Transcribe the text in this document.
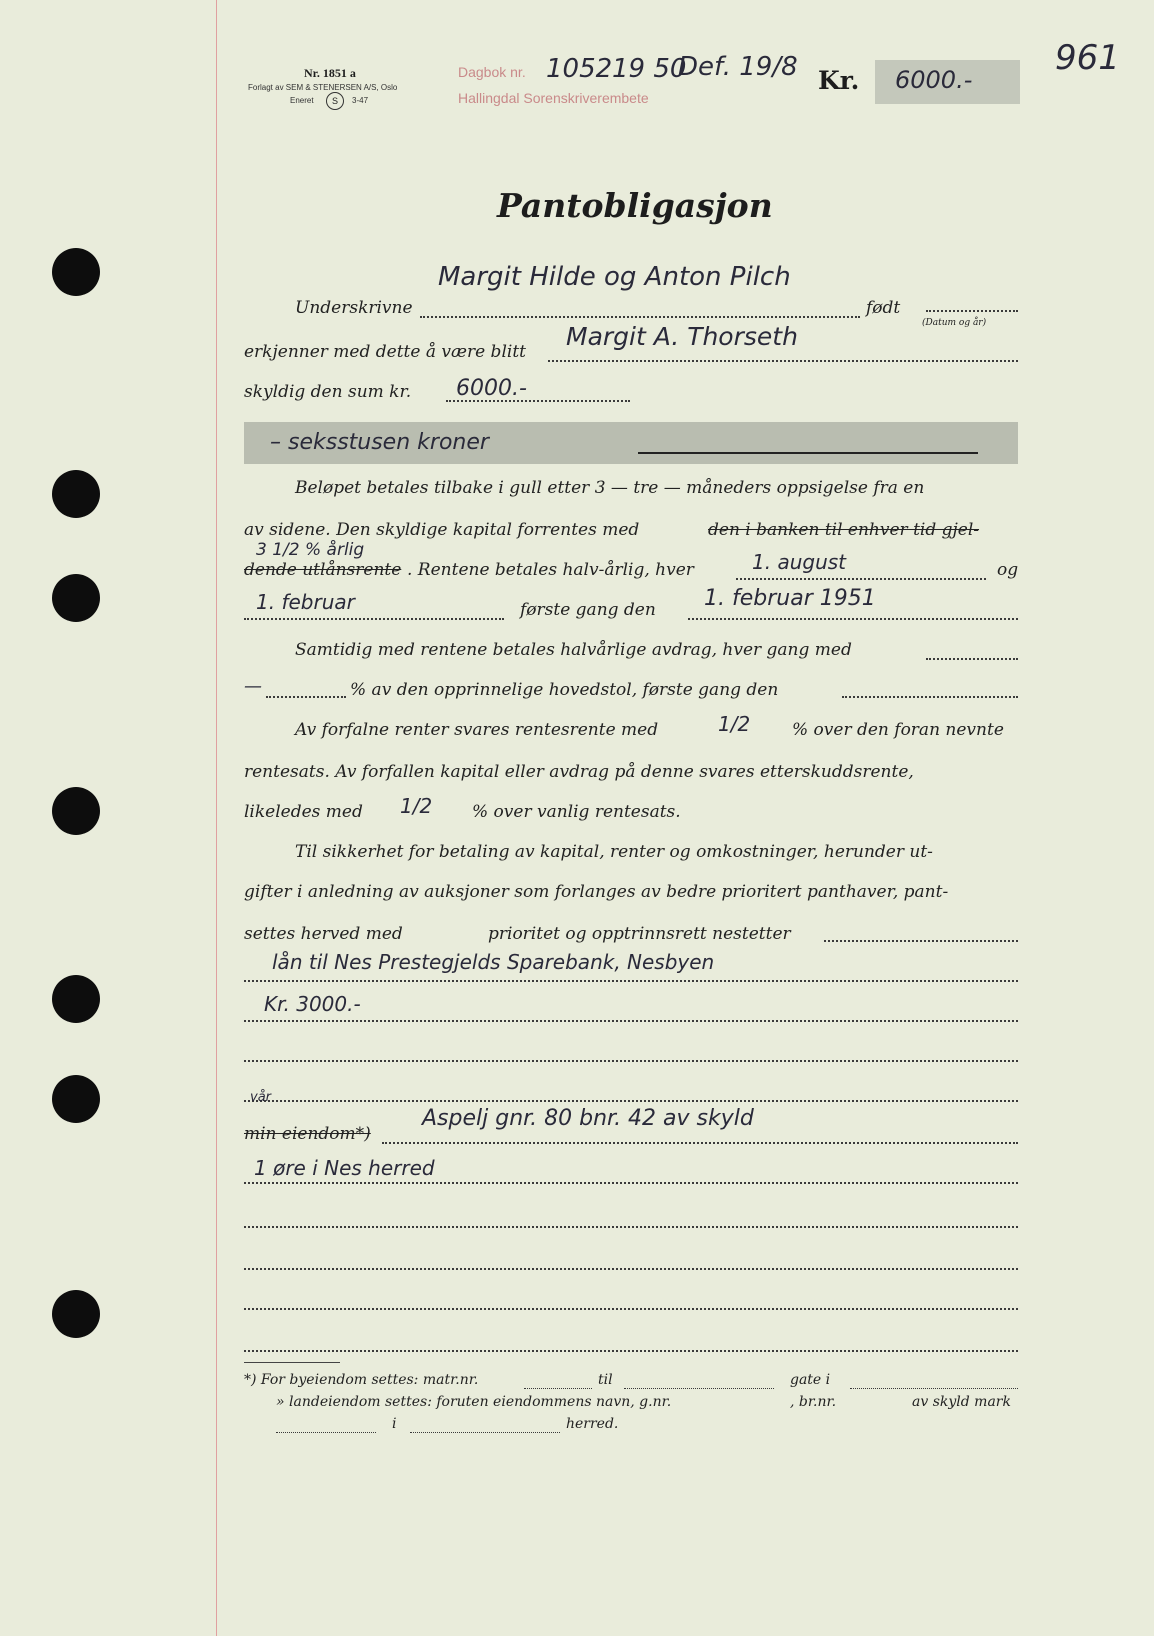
Nr. 1851 a
Forlagt av SEM & STENERSEN A/S, Oslo
Eneret	S	3-47
Dagbok nr. 1052 19 50
Def. 19/8
Hallingdal Sorenskriverembete
Kr. 6000.-
961
Pantobligasjon
Underskrivne
Margit Hilde og Anton Pilch
født
(Datum og år)
erkjenner med dette å være blitt
Margit A. Thorseth
skyldig den sum kr. 6000.-
– seksstusen kroner
Beløpet betales tilbake i gull etter 3 — tre — måneders oppsigelse fra en
av sidene. Den skyldige kapital forrentes med	den i banken til enhver tid gjel-
3 1/2 % årlig
dende utlånsrente . Rentene betales halv-årlig, hver	1. august	og
1. februar	første gang den 1. februar 1951
Samtidig med rentene betales halvårlige avdrag, hver gang med
—	% av den opprinnelige hovedstol, første gang den
Av forfalne renter svares rentesrente med	1/2 % over den foran nevnte
rentesats. Av forfallen kapital eller avdrag på denne svares etterskuddsrente,
likeledes med 1/2 % over vanlig rentesats.
Til sikkerhet for betaling av kapital, renter og omkostninger, herunder ut-
gifter i anledning av auksjoner som forlanges av bedre prioritert panthaver, pant-
settes herved med	prioritet og opptrinnsrett nestetter
lån til Nes Prestegjelds Sparebank, Nesbyen
Kr. 3000.-
vår
min eiendom*)
Aspelj gnr. 80 bnr. 42 av skyld
1 øre i Nes herred
*) For byeiendom settes: matr.nr.	til	gate i
» landeiendom settes: foruten eiendommens navn, g.nr.	, br.nr.	av skyld mark
i	herred.
